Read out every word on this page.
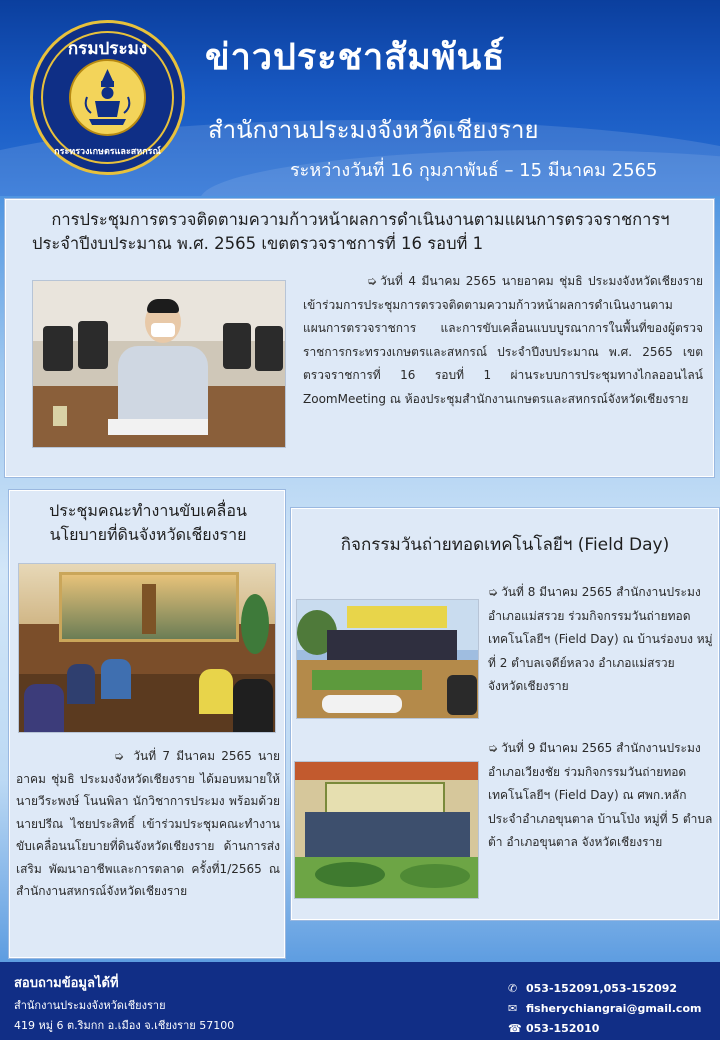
กรมประมง
กระทรวงเกษตรและสหกรณ์
ข่าวประชาสัมพันธ์
สำนักงานประมงจังหวัดเชียงราย
ระหว่างวันที่ 16 กุมภาพันธ์ – 15 มีนาคม 2565
การประชุมการตรวจติดตามความก้าวหน้าผลการดำเนินงานตามแผนการตรวจราชการฯ
ประจำปีงบประมาณ พ.ศ. 2565 เขตตรวจราชการที่ 16 รอบที่ 1
➭ วันที่ 4 มีนาคม 2565 นายอาคม ชุ่มธิ ประมงจังหวัดเชียงราย เข้าร่วมการประชุมการตรวจติดตามความก้าวหน้าผลการดำเนินงานตามแผนการตรวจราชการ และการขับเคลื่อนแบบบูรณาการในพื้นที่ของผู้ตรวจราชการกระทรวงเกษตรและสหกรณ์ ประจำปีงบประมาณ พ.ศ. 2565 เขตตรวจราชการที่ 16 รอบที่ 1 ผ่านระบบการประชุมทางไกลออนไลน์ ZoomMeeting ณ ห้องประชุมสำนักงานเกษตรและสหกรณ์จังหวัดเชียงราย
ประชุมคณะทำงานขับเคลื่อน
นโยบายที่ดินจังหวัดเชียงราย
➭ วันที่ 7 มีนาคม 2565 นายอาคม ชุ่มธิ ประมงจังหวัดเชียงราย ได้มอบหมายให้ นายวีระพงษ์ โนนพิลา นักวิชาการประมง พร้อมด้วยนายปรีณ ไชยประสิทธิ์ เข้าร่วมประชุมคณะทำงานขับเคลื่อนนโยบายที่ดินจังหวัดเชียงราย ด้านการส่งเสริม พัฒนาอาชีพและการตลาด ครั้งที่1/2565 ณ สำนักงานสหกรณ์จังหวัดเชียงราย
กิจกรรมวันถ่ายทอดเทคโนโลยีฯ (Field Day)
➭ วันที่ 8 มีนาคม 2565 สำนักงานประมงอำเภอแม่สรวย ร่วมกิจกรรมวันถ่ายทอดเทคโนโลยีฯ (Field Day) ณ บ้านร่องบง หมู่ที่ 2 ตำบลเจดีย์หลวง อำเภอแม่สรวย จังหวัดเชียงราย
➭ วันที่ 9 มีนาคม 2565 สำนักงานประมงอำเภอเวียงชัย ร่วมกิจกรรมวันถ่ายทอดเทคโนโลยีฯ (Field Day) ณ ศพก.หลักประจำอำเภอขุนตาล บ้านโป่ง หมู่ที่ 5 ตำบลต้า อำเภอขุนตาล จังหวัดเชียงราย
สอบถามข้อมูลได้ที่
สำนักงานประมงจังหวัดเชียงราย
419 หมู่ 6 ต.ริมกก อ.เมือง จ.เชียงราย 57100
✆ 053-152091,053-152092
✉ fisherychiangrai@gmail.com
☎ 053-152010
